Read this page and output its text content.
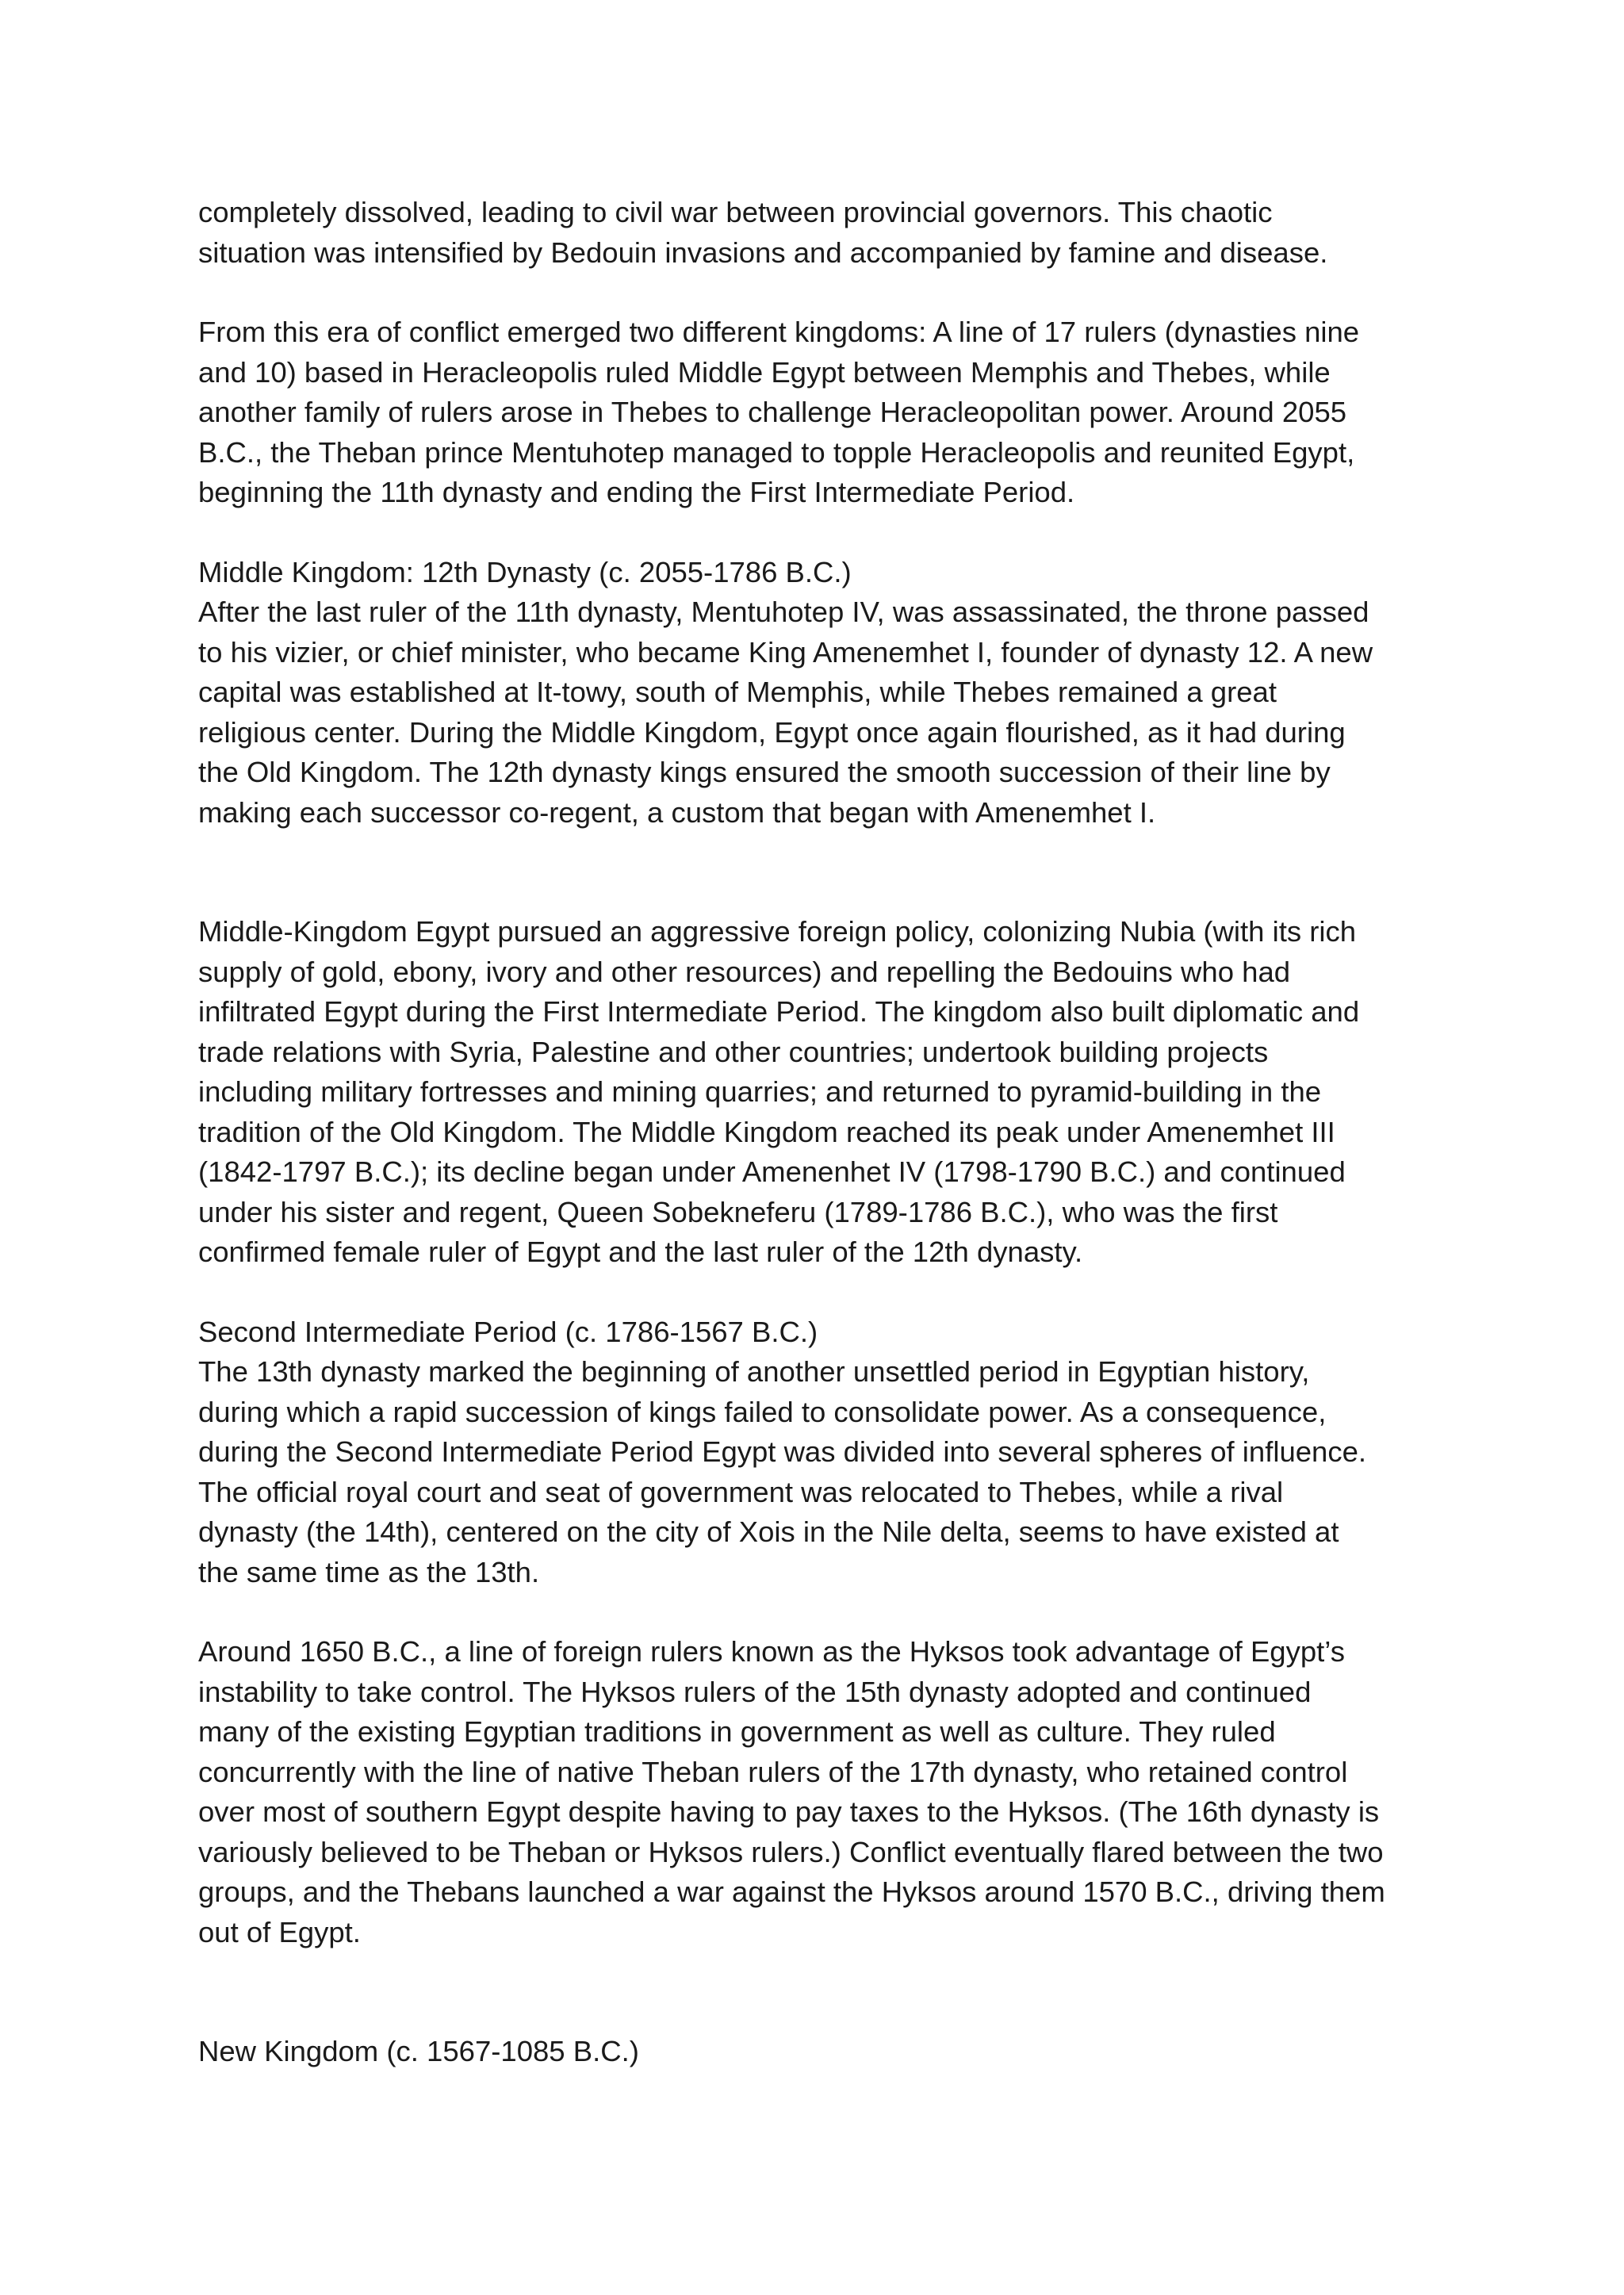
completely dissolved, leading to civil war between provincial governors. This chaotic
situation was intensified by Bedouin invasions and accompanied by famine and disease.

From this era of conflict emerged two different kingdoms: A line of 17 rulers (dynasties nine
and 10) based in Heracleopolis ruled Middle Egypt between Memphis and Thebes, while
another family of rulers arose in Thebes to challenge Heracleopolitan power. Around 2055
B.C., the Theban prince Mentuhotep managed to topple Heracleopolis and reunited Egypt,
beginning the 11th dynasty and ending the First Intermediate Period.

Middle Kingdom: 12th Dynasty (c. 2055-1786 B.C.)

After the last ruler of the 11th dynasty, Mentuhotep IV, was assassinated, the throne passed
to his vizier, or chief minister, who became King Amenemhet I, founder of dynasty 12. A new
capital was established at It-towy, south of Memphis, while Thebes remained a great
religious center. During the Middle Kingdom, Egypt once again flourished, as it had during
the Old Kingdom. The 12th dynasty kings ensured the smooth succession of their line by
making each successor co-regent, a custom that began with Amenemhet I.

Middle-Kingdom Egypt pursued an aggressive foreign policy, colonizing Nubia (with its rich
supply of gold, ebony, ivory and other resources) and repelling the Bedouins who had
infiltrated Egypt during the First Intermediate Period. The kingdom also built diplomatic and
trade relations with Syria, Palestine and other countries; undertook building projects
including military fortresses and mining quarries; and returned to pyramid-building in the
tradition of the Old Kingdom. The Middle Kingdom reached its peak under Amenemhet III
(1842-1797 B.C.); its decline began under Amenenhet IV (1798-1790 B.C.) and continued
under his sister and regent, Queen Sobekneferu (1789-1786 B.C.), who was the first
confirmed female ruler of Egypt and the last ruler of the 12th dynasty.

Second Intermediate Period (c. 1786-1567 B.C.)

The 13th dynasty marked the beginning of another unsettled period in Egyptian history,
during which a rapid succession of kings failed to consolidate power. As a consequence,
during the Second Intermediate Period Egypt was divided into several spheres of influence.
The official royal court and seat of government was relocated to Thebes, while a rival
dynasty (the 14th), centered on the city of Xois in the Nile delta, seems to have existed at
the same time as the 13th.

Around 1650 B.C., a line of foreign rulers known as the Hyksos took advantage of Egypt’s
instability to take control. The Hyksos rulers of the 15th dynasty adopted and continued
many of the existing Egyptian traditions in government as well as culture. They ruled
concurrently with the line of native Theban rulers of the 17th dynasty, who retained control
over most of southern Egypt despite having to pay taxes to the Hyksos. (The 16th dynasty is
variously believed to be Theban or Hyksos rulers.) Conflict eventually flared between the two
groups, and the Thebans launched a war against the Hyksos around 1570 B.C., driving them
out of Egypt.

New Kingdom (c. 1567-1085 B.C.)
